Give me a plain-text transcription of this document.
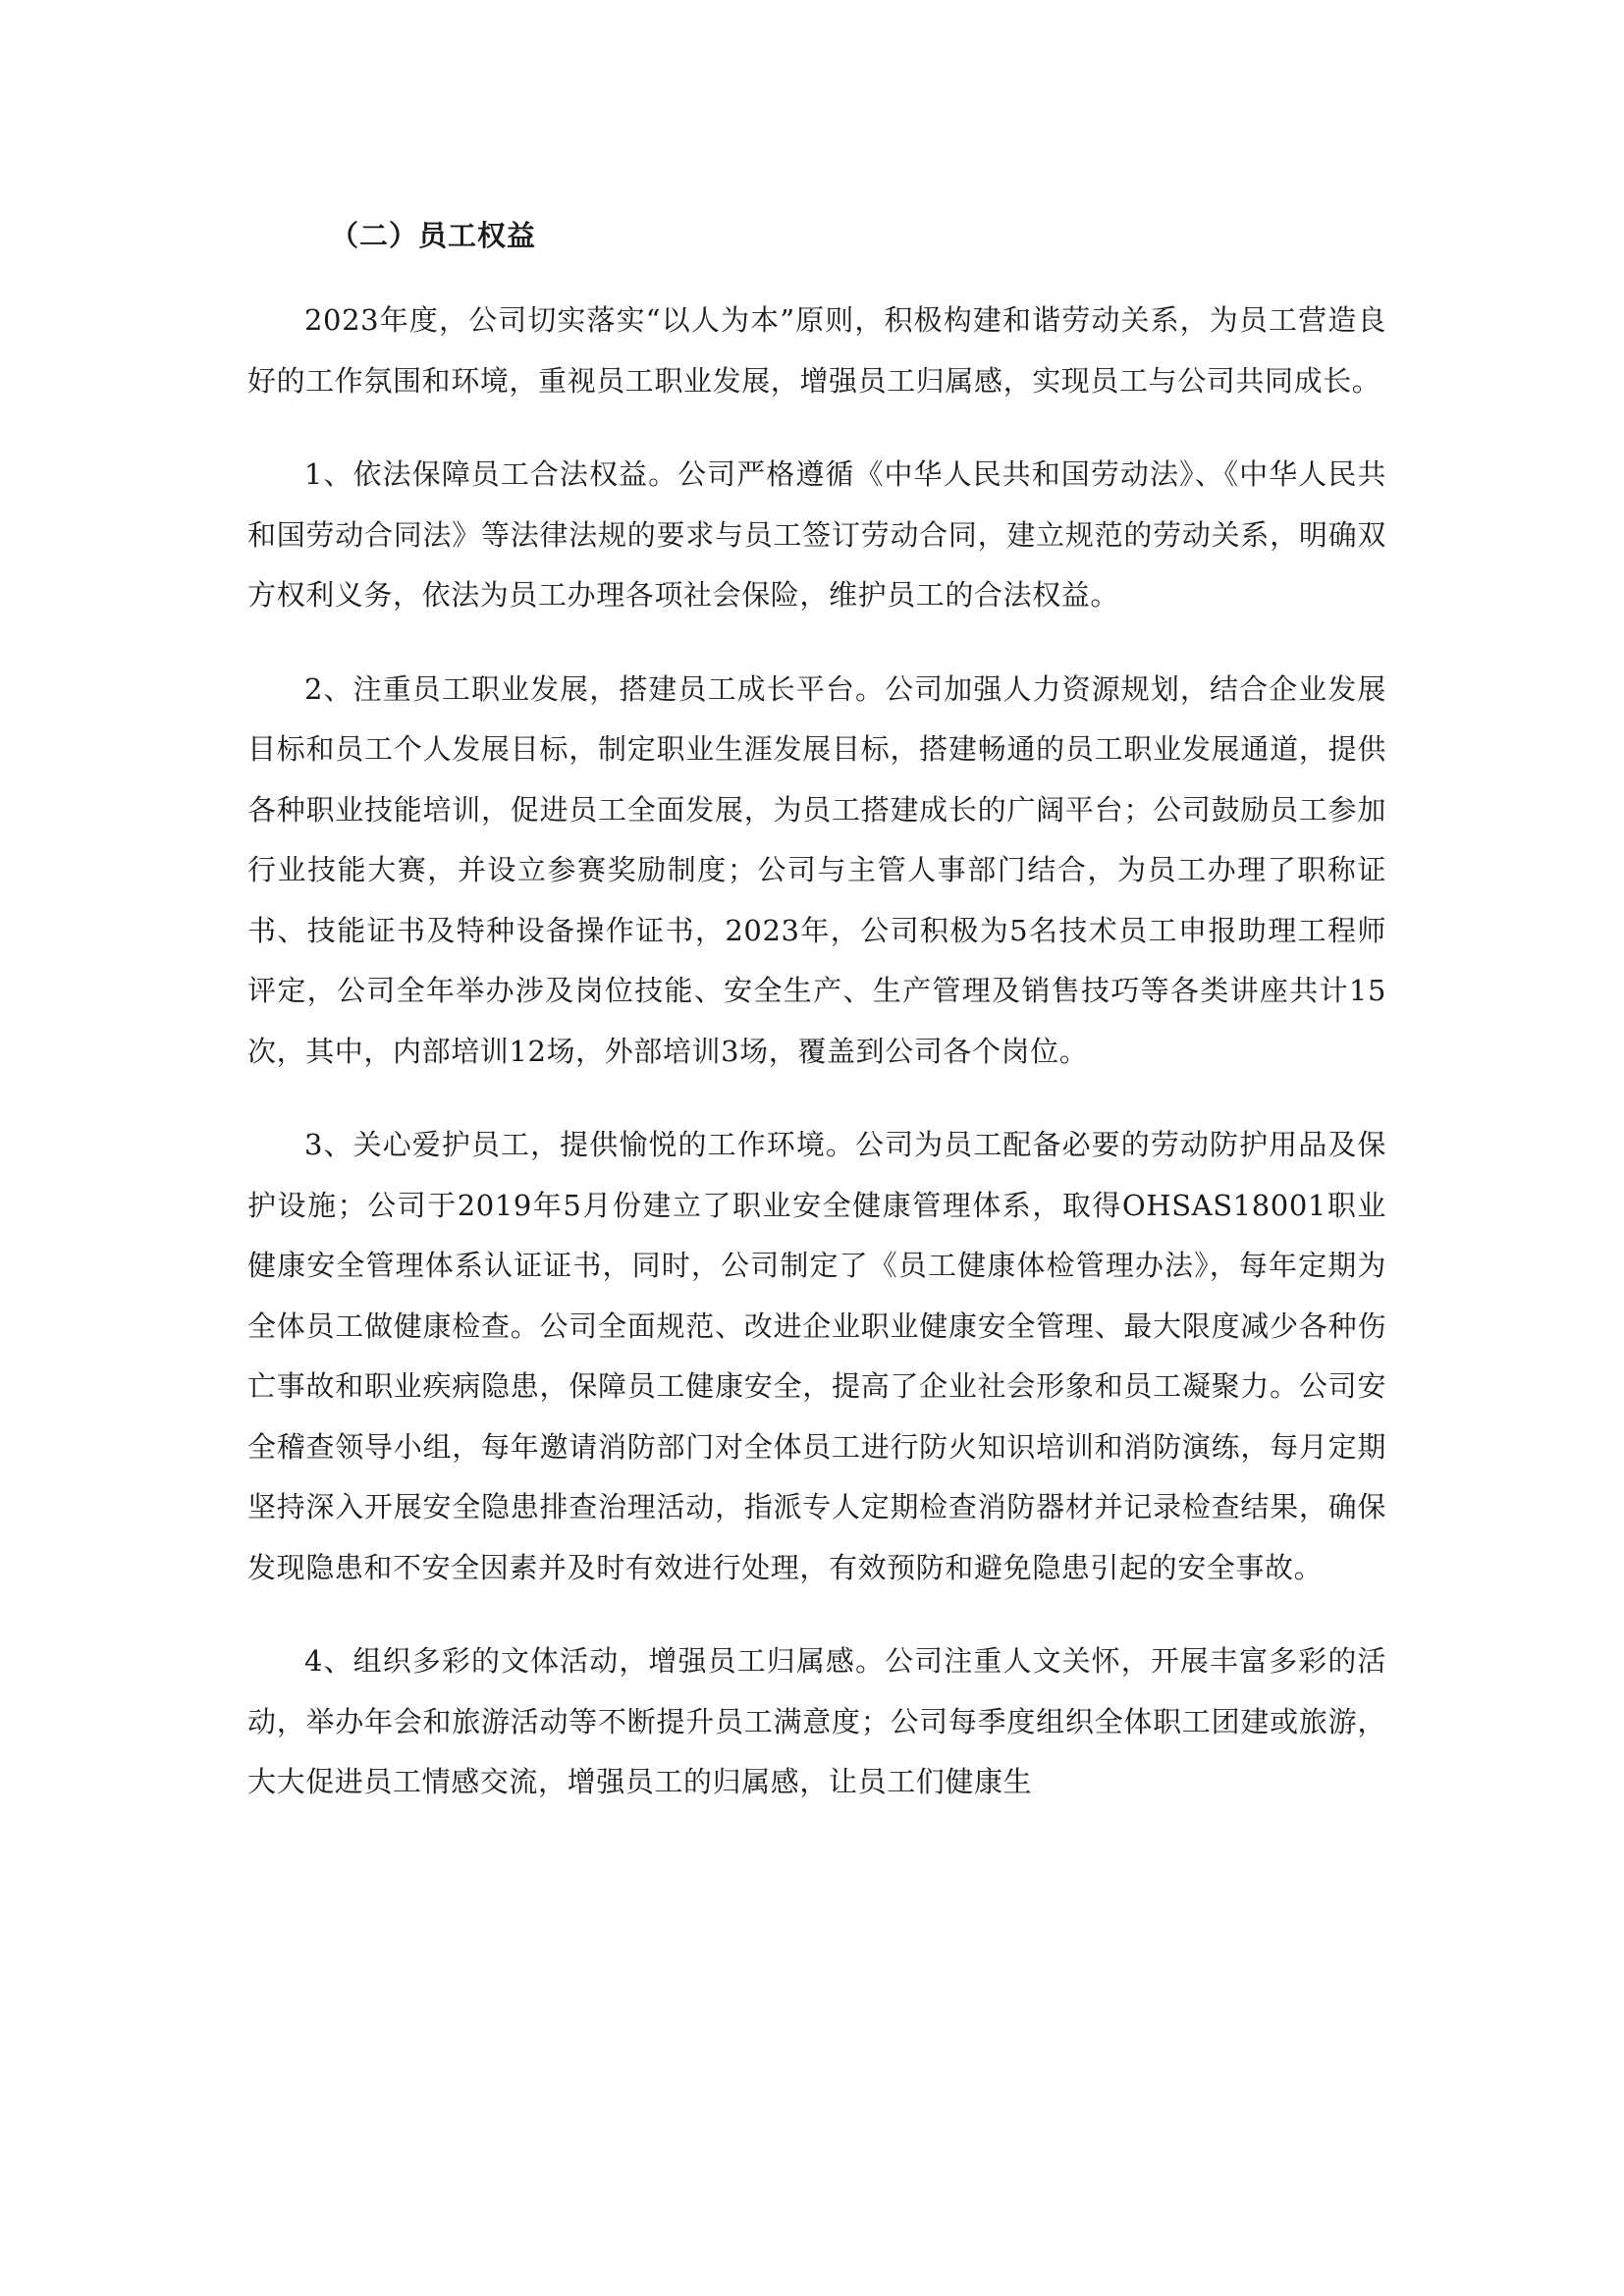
（二）员工权益

2023年度，公司切实落实“以人为本”原则，积极构建和谐劳动关系，为员工营造良好的工作氛围和环境，重视员工职业发展，增强员工归属感，实现员工与公司共同成长。

1、依法保障员工合法权益。公司严格遵循《中华人民共和国劳动法》、《中华人民共和国劳动合同法》等法律法规的要求与员工签订劳动合同，建立规范的劳动关系，明确双方权利义务，依法为员工办理各项社会保险，维护员工的合法权益。

2、注重员工职业发展，搭建员工成长平台。公司加强人力资源规划，结合企业发展目标和员工个人发展目标，制定职业生涯发展目标，搭建畅通的员工职业发展通道，提供各种职业技能培训，促进员工全面发展，为员工搭建成长的广阔平台；公司鼓励员工参加行业技能大赛，并设立参赛奖励制度；公司与主管人事部门结合，为员工办理了职称证书、技能证书及特种设备操作证书，2023年，公司积极为5名技术员工申报助理工程师评定，公司全年举办涉及岗位技能、安全生产、生产管理及销售技巧等各类讲座共计15次，其中，内部培训12场，外部培训3场，覆盖到公司各个岗位。

3、关心爱护员工，提供愉悦的工作环境。公司为员工配备必要的劳动防护用品及保护设施；公司于2019年5月份建立了职业安全健康管理体系，取得OHSAS18001职业健康安全管理体系认证证书，同时，公司制定了《员工健康体检管理办法》，每年定期为全体员工做健康检查。公司全面规范、改进企业职业健康安全管理、最大限度减少各种伤亡事故和职业疾病隐患，保障员工健康安全，提高了企业社会形象和员工凝聚力。公司安全稽查领导小组，每年邀请消防部门对全体员工进行防火知识培训和消防演练，每月定期坚持深入开展安全隐患排查治理活动，指派专人定期检查消防器材并记录检查结果，确保发现隐患和不安全因素并及时有效进行处理，有效预防和避免隐患引起的安全事故。

4、组织多彩的文体活动，增强员工归属感。公司注重人文关怀，开展丰富多彩的活动，举办年会和旅游活动等不断提升员工满意度；公司每季度组织全体职工团建或旅游，大大促进员工情感交流，增强员工的归属感，让员工们健康生
